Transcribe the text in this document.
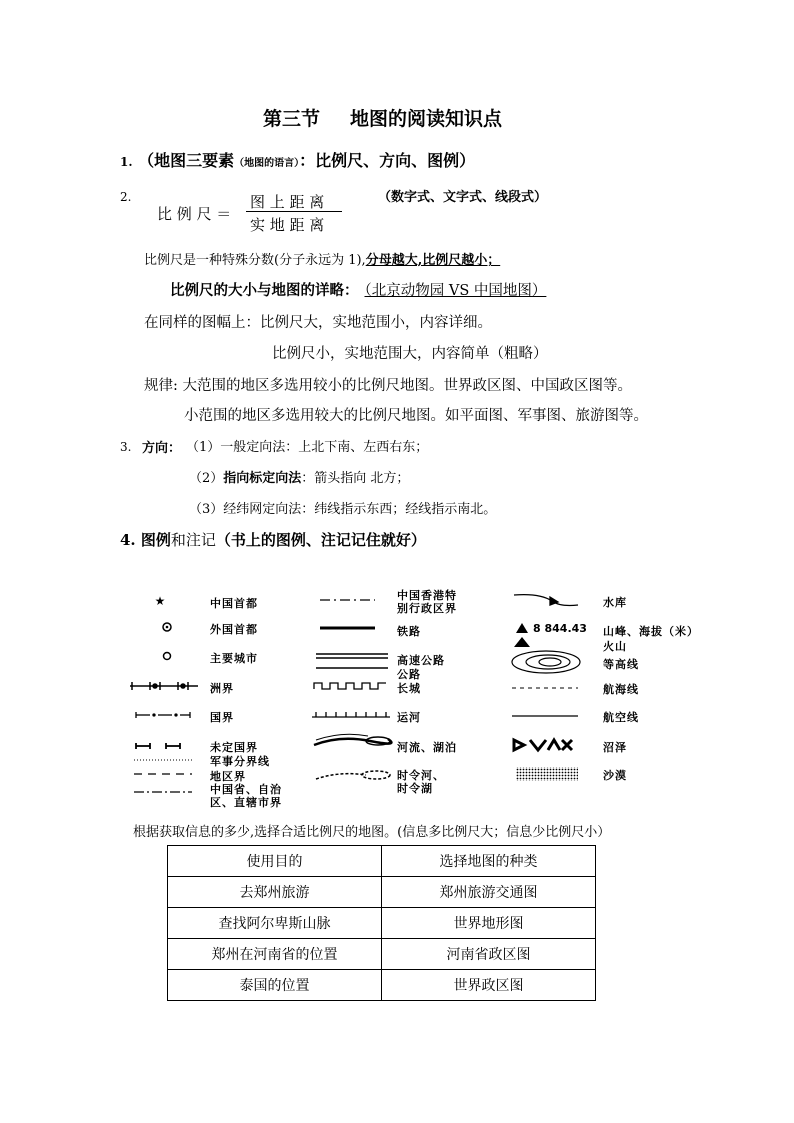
第三节 地图的阅读知识点
1. （地图三要素（地图的语言）：比例尺、方向、图例）
2.
比 例 尺 ＝
图 上 距 离
实 地 距 离
（数字式、文字式、线段式）
比例尺是一种特殊分数(分子永远为 1),分母越大,比例尺越小；
比例尺的大小与地图的详略： （北京动物园 VS 中国地图）
在同样的图幅上：比例尺大，实地范围小，内容详细。
比例尺小，实地范围大，内容简单（粗略）
规律: 大范围的地区多选用较小的比例尺地图。世界政区图、中国政区图等。
小范围的地区多选用较大的比例尺地图。如平面图、军事图、旅游图等。
3. 方向： （1）一般定向法：上北下南、左西右东；
（2）指向标定向法：箭头指向 北方；
（3）经纬网定向法：纬线指示东西；经线指示南北。
4. 图例和注记（书上的图例、注记记住就好）
★
8 844.43
中国首都
外国首都
主要城市
洲界
国界
未定国界
军事分界线
地区界
中国省、自治
区、直辖市界
中国香港特
别行政区界
铁路
高速公路
公路
长城
运河
河流、湖泊
时令河、
时令湖
水库
山峰、海拔（米）
火山
等高线
航海线
航空线
沼泽
沙漠
根据获取信息的多少,选择合适比例尺的地图。(信息多比例尺大；信息少比例尺小）
使用目的	选择地图的种类
去郑州旅游	郑州旅游交通图
查找阿尔卑斯山脉	世界地形图
郑州在河南省的位置	河南省政区图
泰国的位置	世界政区图
